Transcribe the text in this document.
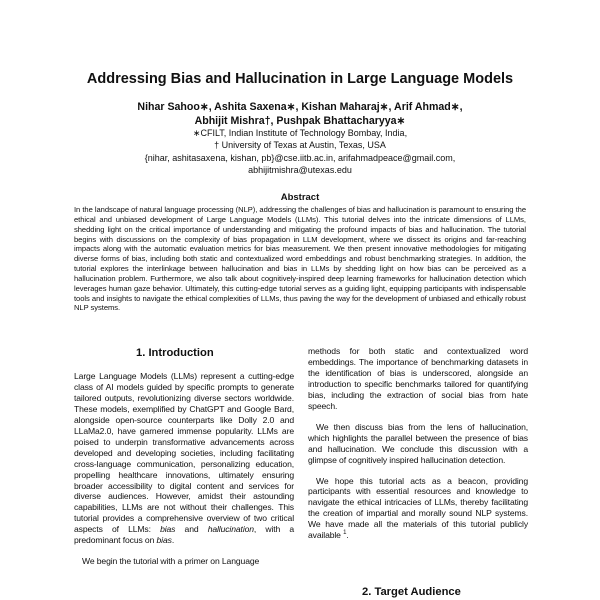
Addressing Bias and Hallucination in Large Language Models
Nihar Sahoo∗, Ashita Saxena∗, Kishan Maharaj∗, Arif Ahmad∗,
Abhijit Mishra†, Pushpak Bhattacharyya∗
∗CFILT, Indian Institute of Technology Bombay, India,
† University of Texas at Austin, Texas, USA
{nihar, ashitasaxena, kishan, pb}@cse.iitb.ac.in, arifahmadpeace@gmail.com,
abhijitmishra@utexas.edu
Abstract
In the landscape of natural language processing (NLP), addressing the challenges of bias and hallucination is paramount to ensuring the ethical and unbiased development of Large Language Models (LLMs). This tutorial delves into the intricate dimensions of LLMs, shedding light on the critical importance of understanding and mitigating the profound impacts of bias and hallucination. The tutorial begins with discussions on the complexity of bias propagation in LLM development, where we dissect its origins and far-reaching impacts along with the automatic evaluation metrics for bias measurement. We then present innovative methodologies for mitigating diverse forms of bias, including both static and contextualized word embeddings and robust benchmarking strategies. In addition, the tutorial explores the interlinkage between hallucination and bias in LLMs by shedding light on how bias can be perceived as a hallucination problem. Furthermore, we also talk about cognitively-inspired deep learning frameworks for hallucination detection which leverages human gaze behavior. Ultimately, this cutting-edge tutorial serves as a guiding light, equipping participants with indispensable tools and insights to navigate the ethical complexities of LLMs, thus paving the way for the development of unbiased and ethically robust NLP systems.
1. Introduction

Large Language Models (LLMs) represent a cutting-edge class of AI models guided by specific prompts to generate tailored outputs, revolutionizing diverse sectors worldwide. These models, exemplified by ChatGPT and Google Bard, alongside open-source counterparts like Dolly 2.0 and LLaMa2.0, have garnered immense popularity. LLMs are poised to underpin transformative advancements across developed and developing societies, including facilitating cross-language communication, personalizing education, propelling healthcare innovations, ultimately ensuring broader accessibility to digital content and services for diverse audiences. However, amidst their astounding capabilities, LLMs are not without their challenges. This tutorial provides a comprehensive overview of two critical aspects of LLMs: bias and hallucination, with a predominant focus on bias.

We begin the tutorial with a primer on Language

methods for both static and contextualized word embeddings. The importance of benchmarking datasets in the identification of bias is underscored, alongside an introduction to specific benchmarks tailored for quantifying bias, including the extraction of social bias from hate speech.

We then discuss bias from the lens of hallucination, which highlights the parallel between the presence of bias and hallucination. We conclude this discussion with a glimpse of cognitively inspired hallucination detection.

We hope this tutorial acts as a beacon, providing participants with essential resources and knowledge to navigate the ethical intricacies of LLMs, thereby facilitating the creation of impartial and morally sound NLP systems. We have made all the materials of this tutorial publicly available $^1$.

2. Target Audience
